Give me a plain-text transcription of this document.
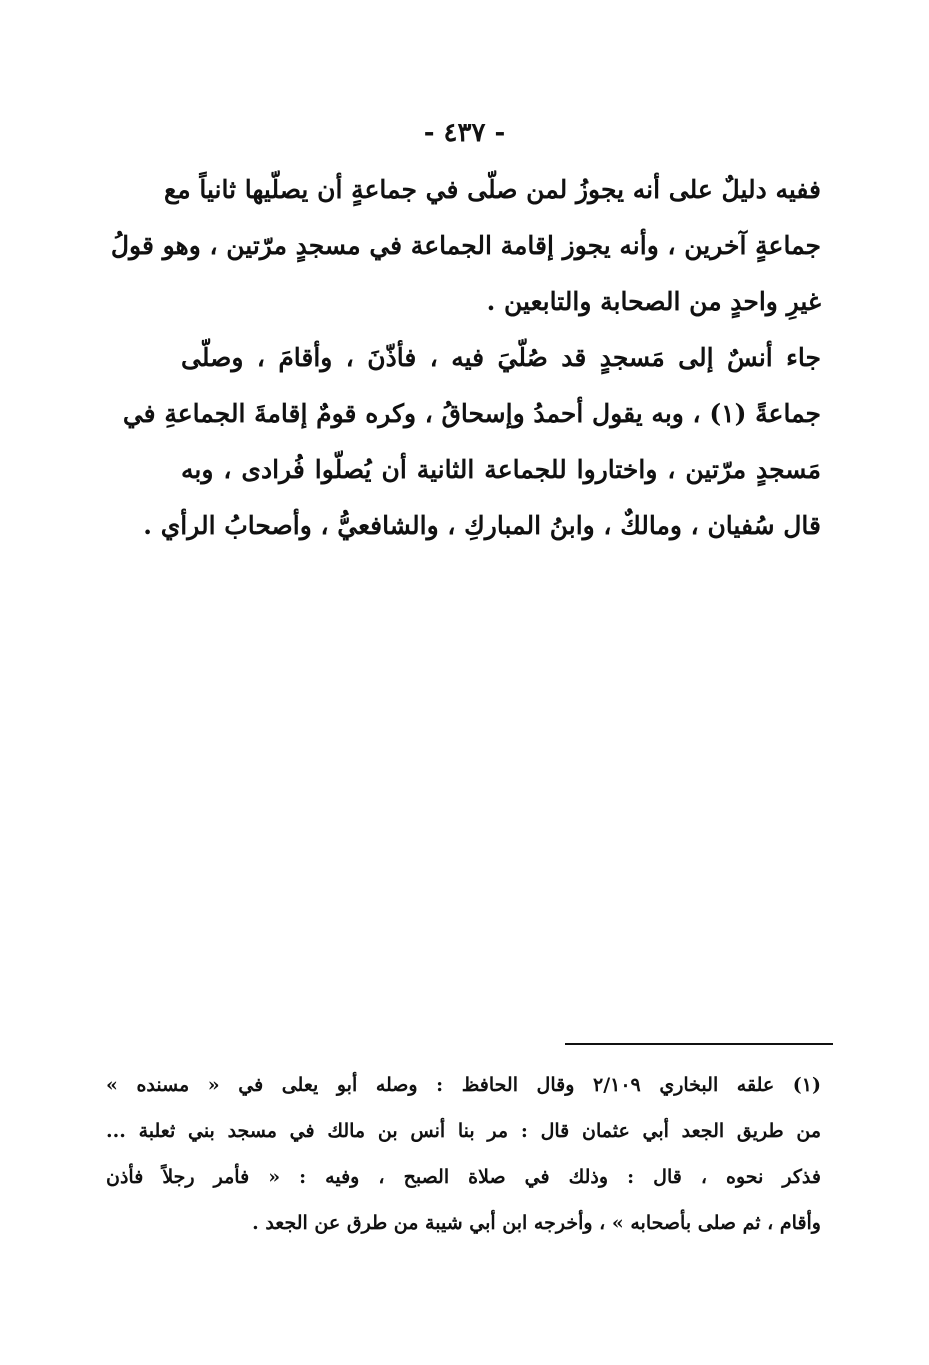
- ٤٣٧ -
ففيه دليلٌ على أنه يجوزُ لمن صلّى في جماعةٍ أن يصلّيها ثانياً مع
جماعةٍ آخرين ، وأنه يجوز إقامة الجماعة في مسجدٍ مرّتين ، وهو قولُ
غيرِ واحدٍ من الصحابة والتابعين .
جاء أنسٌ إلى مَسجدٍ قد صُلّيَ فيه ، فأذّنَ ، وأقامَ ، وصلّى
جماعةً (١) ، وبه يقول أحمدُ وإسحاقُ ، وكره قومٌ إقامةَ الجماعةِ في
مَسجدٍ مرّتين ، واختاروا للجماعة الثانية أن يُصلّوا فُرادى ، وبه
قال سُفيان ، ومالكٌ ، وابنُ المباركِ ، والشافعيُّ ، وأصحابُ الرأي .
(١) علقه البخاري ٢/١٠٩ وقال الحافظ : وصله أبو يعلى في « مسنده »
من طريق الجعد أبي عثمان قال : مر بنا أنس بن مالك في مسجد بني ثعلبة ...
فذكر نحوه ، قال : وذلك في صلاة الصبح ، وفيه : « فأمر رجلاً فأذن
وأقام ، ثم صلى بأصحابه » ، وأخرجه ابن أبي شيبة من طرق عن الجعد .
